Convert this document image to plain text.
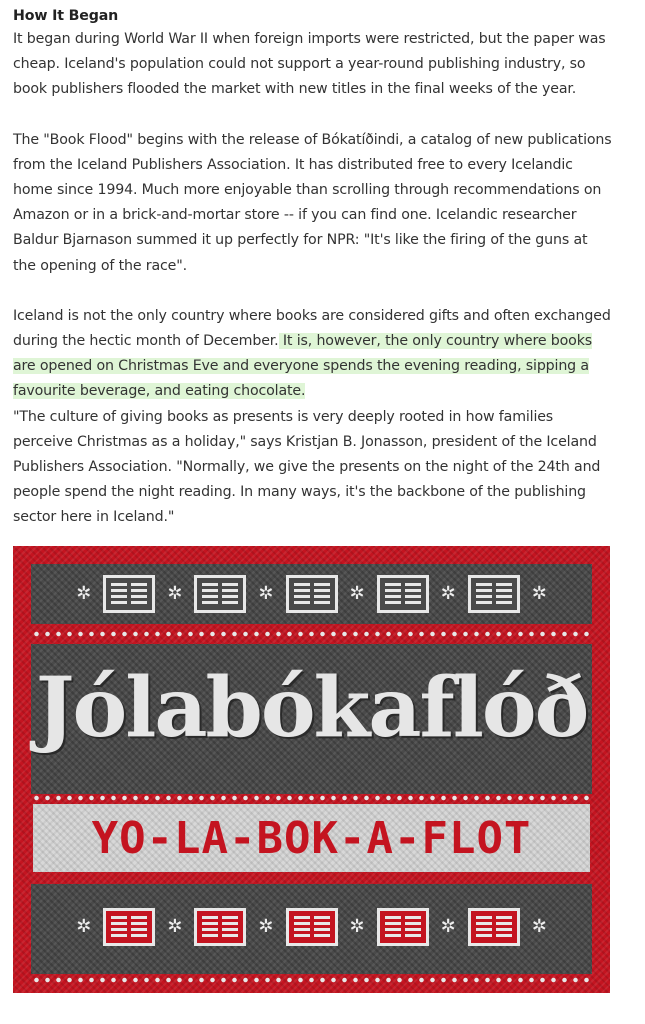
How It Began

It began during World War II when foreign imports were restricted, but the paper was cheap. Iceland's population could not support a year-round publishing industry, so book publishers flooded the market with new titles in the final weeks of the year.

The "Book Flood" begins with the release of Bókatíðindi, a catalog of new publications from the Iceland Publishers Association. It has distributed free to every Icelandic home since 1994. Much more enjoyable than scrolling through recommendations on Amazon or in a brick-and-mortar store -- if you can find one. Icelandic researcher Baldur Bjarnason summed it up perfectly for NPR: "It's like the firing of the guns at the opening of the race".

Iceland is not the only country where books are considered gifts and often exchanged during the hectic month of December. It is, however, the only country where books are opened on Christmas Eve and everyone spends the evening reading, sipping a favourite beverage, and eating chocolate.

"The culture of giving books as presents is very deeply rooted in how families perceive Christmas as a holiday," says Kristjan B. Jonasson, president of the Iceland Publishers Association. "Normally, we give the presents on the night of the 24th and people spend the night reading. In many ways, it's the backbone of the publishing sector here in Iceland."

✲	✲	✲	✲	✲	✲
Jólabókaflóð
YO-LA-BOK-A-FLOT
✲	✲	✲	✲	✲	✲
